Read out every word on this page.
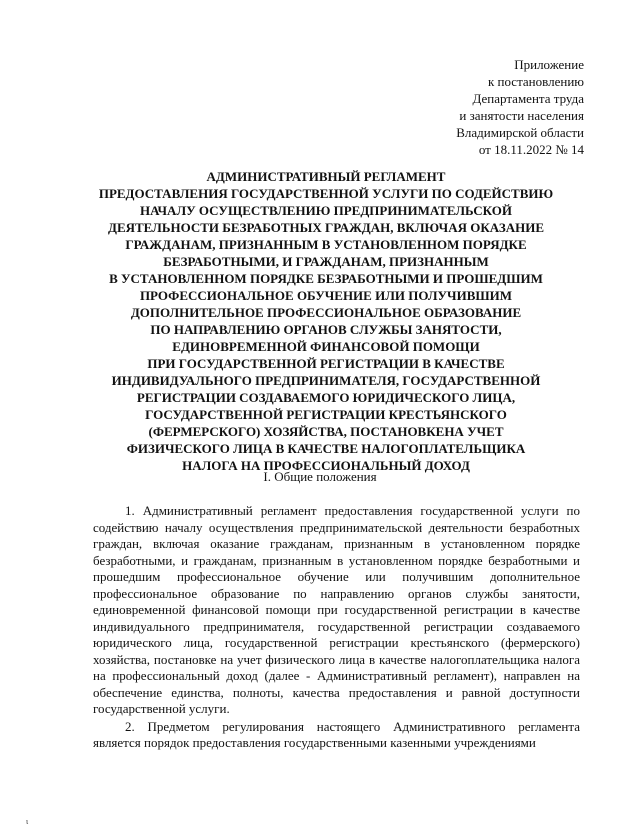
Приложение
к постановлению
Департамента труда
и занятости населения
Владимирской области
от 18.11.2022 № 14
АДМИНИСТРАТИВНЫЙ РЕГЛАМЕНТ
ПРЕДОСТАВЛЕНИЯ ГОСУДАРСТВЕННОЙ УСЛУГИ ПО СОДЕЙСТВИЮ
НАЧАЛУ ОСУЩЕСТВЛЕНИЮ ПРЕДПРИНИМАТЕЛЬСКОЙ
ДЕЯТЕЛЬНОСТИ БЕЗРАБОТНЫХ ГРАЖДАН, ВКЛЮЧАЯ ОКАЗАНИЕ
ГРАЖДАНАМ, ПРИЗНАННЫМ В УСТАНОВЛЕННОМ ПОРЯДКЕ
БЕЗРАБОТНЫМИ, И ГРАЖДАНАМ, ПРИЗНАННЫМ
В УСТАНОВЛЕННОМ ПОРЯДКЕ БЕЗРАБОТНЫМИ И ПРОШЕДШИМ
ПРОФЕССИОНАЛЬНОЕ ОБУЧЕНИЕ ИЛИ ПОЛУЧИВШИМ
ДОПОЛНИТЕЛЬНОЕ ПРОФЕССИОНАЛЬНОЕ ОБРАЗОВАНИЕ
ПО НАПРАВЛЕНИЮ ОРГАНОВ СЛУЖБЫ ЗАНЯТОСТИ,
ЕДИНОВРЕМЕННОЙ ФИНАНСОВОЙ ПОМОЩИ
ПРИ ГОСУДАРСТВЕННОЙ РЕГИСТРАЦИИ В КАЧЕСТВЕ
ИНДИВИДУАЛЬНОГО ПРЕДПРИНИМАТЕЛЯ, ГОСУДАРСТВЕННОЙ
РЕГИСТРАЦИИ СОЗДАВАЕМОГО ЮРИДИЧЕСКОГО ЛИЦА,
ГОСУДАРСТВЕННОЙ РЕГИСТРАЦИИ КРЕСТЬЯНСКОГО
(ФЕРМЕРСКОГО) ХОЗЯЙСТВА, ПОСТАНОВКЕНА УЧЕТ
ФИЗИЧЕСКОГО ЛИЦА В КАЧЕСТВЕ НАЛОГОПЛАТЕЛЬЩИКА
НАЛОГА НА ПРОФЕССИОНАЛЬНЫЙ ДОХОД
I. Общие положения

1. Административный регламент предоставления государственной услуги по содействию началу осуществления предпринимательской деятельности безработных граждан, включая оказание гражданам, признанным в установленном порядке безработными, и гражданам, признанным в установленном порядке безработными и прошедшим профессиональное обучение или получившим дополнительное профессиональное образование по направлению органов службы занятости, единовременной финансовой помощи при государственной регистрации в качестве индивидуального предпринимателя, государственной регистрации создаваемого юридического лица, государственной регистрации крестьянского (фермерского) хозяйства, постановке на учет физического лица в качестве налогоплательщика налога на профессиональный доход (далее - Административный регламент), направлен на обеспечение единства, полноты, качества предоставления и равной доступности государственной услуги.

2. Предметом регулирования настоящего Административного регламента является порядок предоставления государственными казенными учреждениями

ι
